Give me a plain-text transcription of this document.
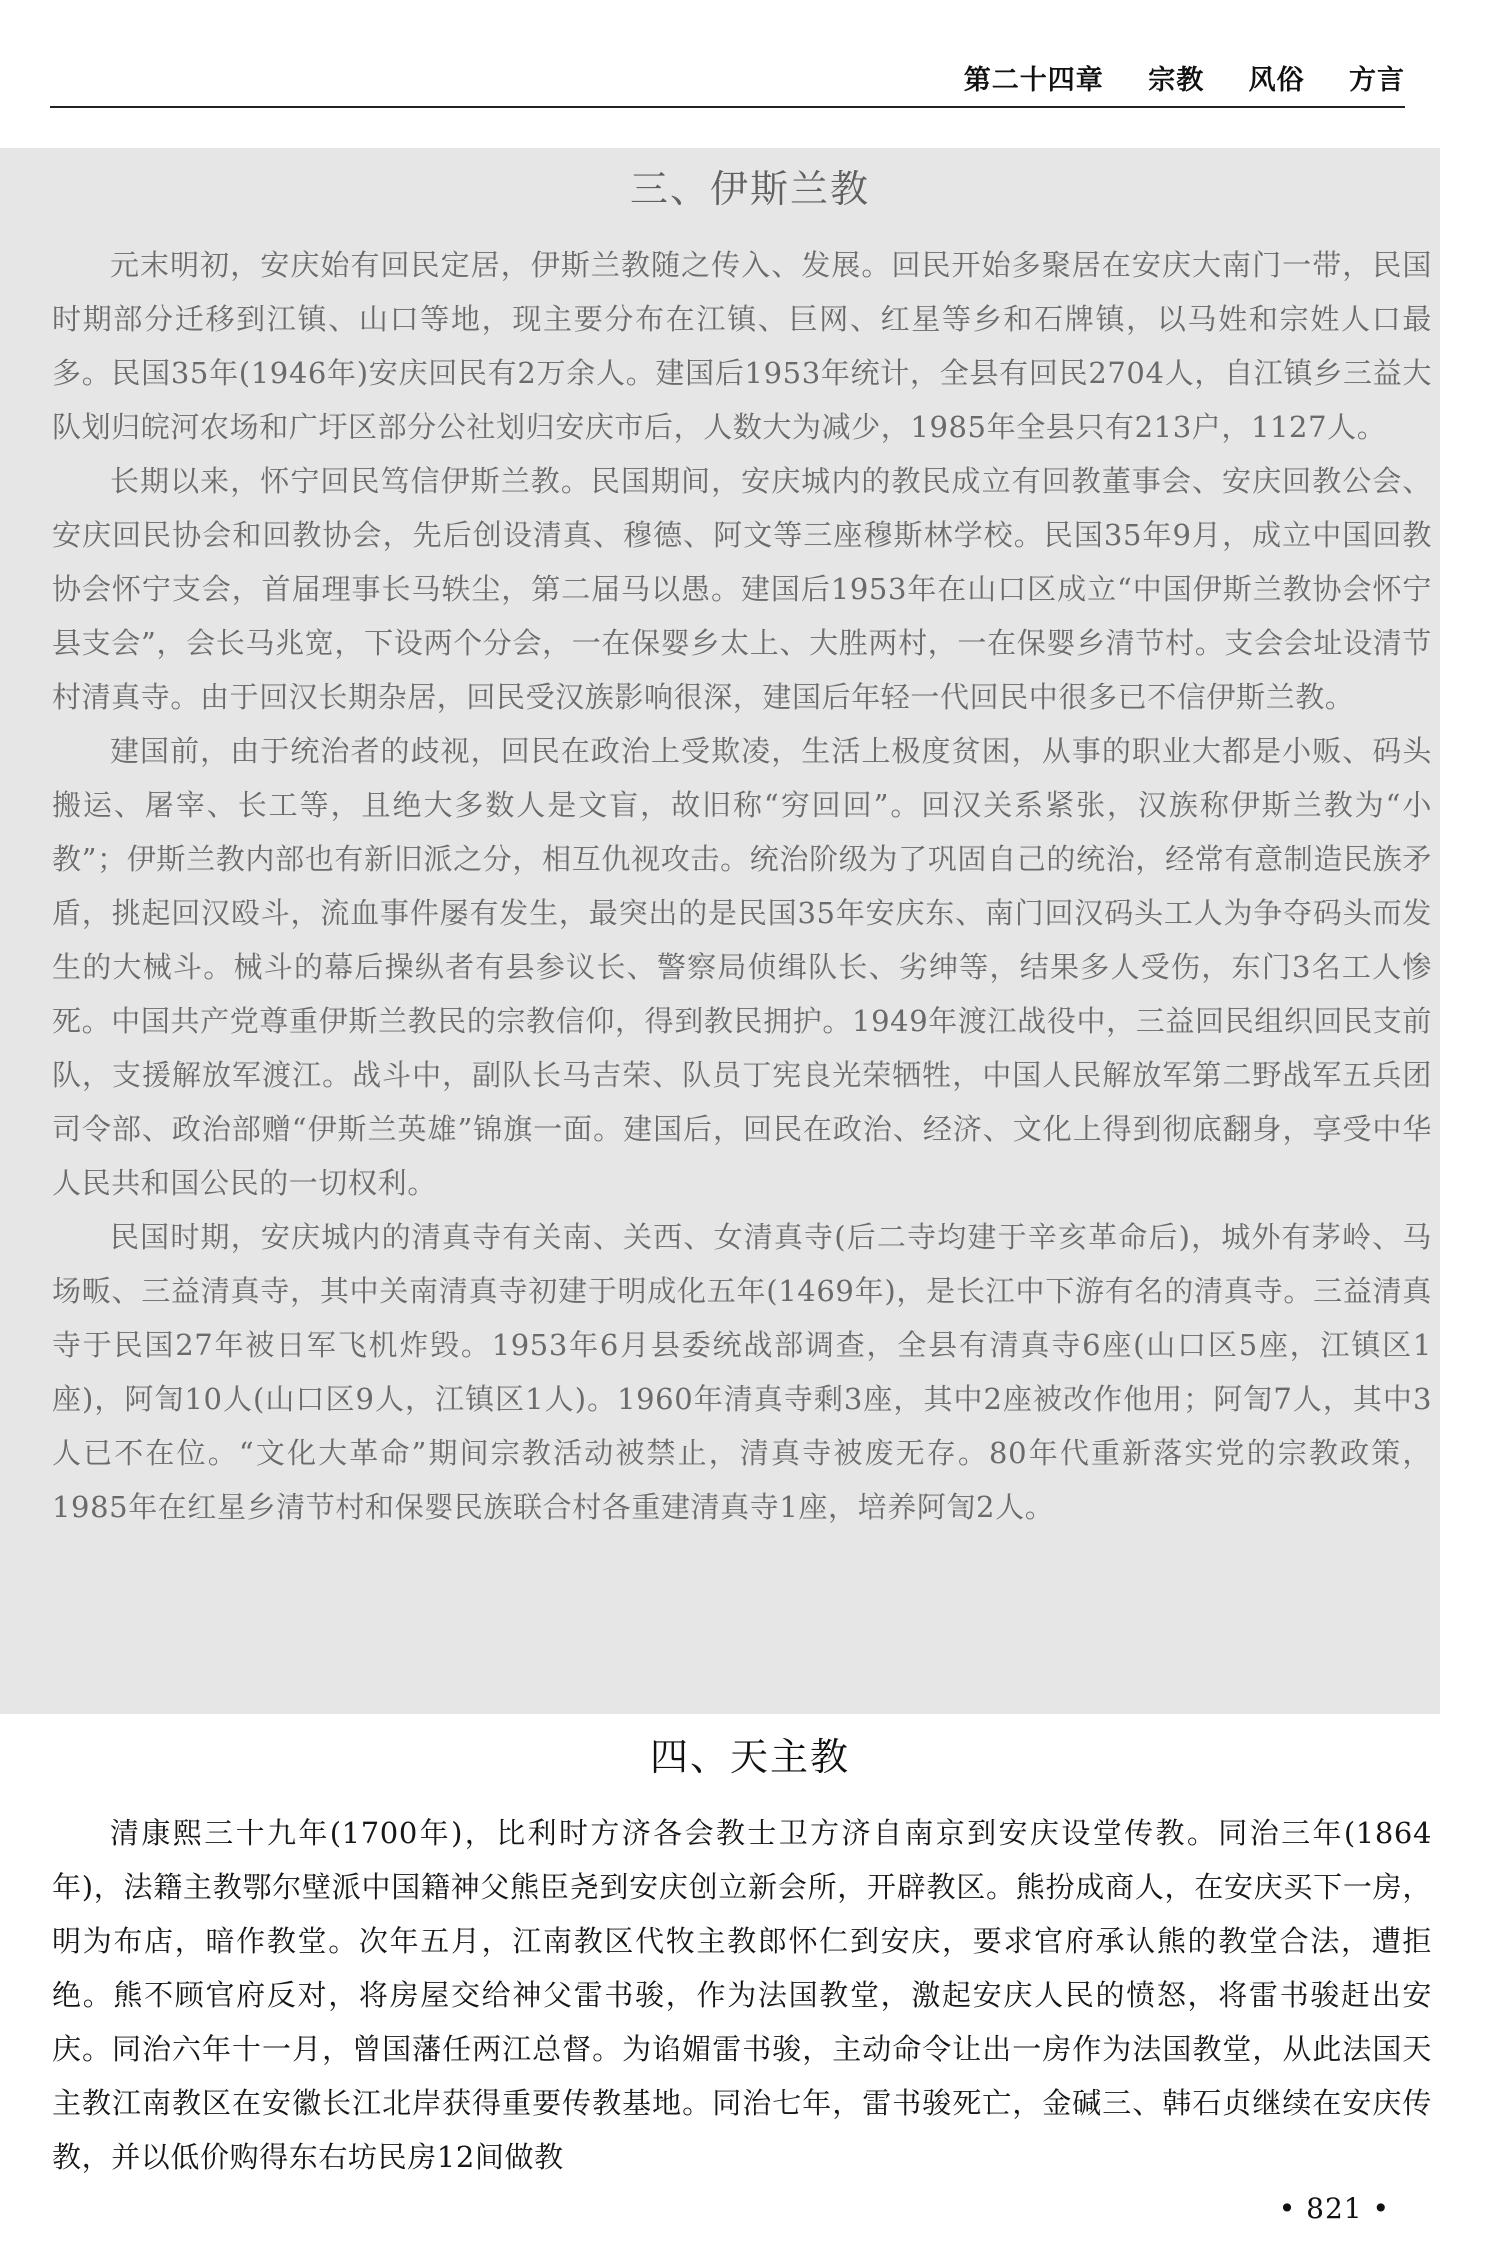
第二十四章 宗教 风俗 方言
三、伊斯兰教

元末明初，安庆始有回民定居，伊斯兰教随之传入、发展。回民开始多聚居在安庆大南门一带，民国时期部分迁移到江镇、山口等地，现主要分布在江镇、巨网、红星等乡和石牌镇，以马姓和宗姓人口最多。民国35年(1946年)安庆回民有2万余人。建国后1953年统计，全县有回民2704人，自江镇乡三益大队划归皖河农场和广圩区部分公社划归安庆市后，人数大为减少，1985年全县只有213户，1127人。

长期以来，怀宁回民笃信伊斯兰教。民国期间，安庆城内的教民成立有回教董事会、安庆回教公会、安庆回民协会和回教协会，先后创设清真、穆德、阿文等三座穆斯林学校。民国35年9月，成立中国回教协会怀宁支会，首届理事长马轶尘，第二届马以愚。建国后1953年在山口区成立“中国伊斯兰教协会怀宁县支会”，会长马兆宽，下设两个分会，一在保婴乡太上、大胜两村，一在保婴乡清节村。支会会址设清节村清真寺。由于回汉长期杂居，回民受汉族影响很深，建国后年轻一代回民中很多已不信伊斯兰教。

建国前，由于统治者的歧视，回民在政治上受欺凌，生活上极度贫困，从事的职业大都是小贩、码头搬运、屠宰、长工等，且绝大多数人是文盲，故旧称“穷回回”。回汉关系紧张，汉族称伊斯兰教为“小教”；伊斯兰教内部也有新旧派之分，相互仇视攻击。统治阶级为了巩固自己的统治，经常有意制造民族矛盾，挑起回汉殴斗，流血事件屡有发生，最突出的是民国35年安庆东、南门回汉码头工人为争夺码头而发生的大械斗。械斗的幕后操纵者有县参议长、警察局侦缉队长、劣绅等，结果多人受伤，东门3名工人惨死。中国共产党尊重伊斯兰教民的宗教信仰，得到教民拥护。1949年渡江战役中，三益回民组织回民支前队，支援解放军渡江。战斗中，副队长马吉荣、队员丁宪良光荣牺牲，中国人民解放军第二野战军五兵团司令部、政治部赠“伊斯兰英雄”锦旗一面。建国后，回民在政治、经济、文化上得到彻底翻身，享受中华人民共和国公民的一切权利。

民国时期，安庆城内的清真寺有关南、关西、女清真寺(后二寺均建于辛亥革命后)，城外有茅岭、马场畈、三益清真寺，其中关南清真寺初建于明成化五年(1469年)，是长江中下游有名的清真寺。三益清真寺于民国27年被日军飞机炸毁。1953年6月县委统战部调查，全县有清真寺6座(山口区5座，江镇区1座)，阿訇10人(山口区9人，江镇区1人)。1960年清真寺剩3座，其中2座被改作他用；阿訇7人，其中3人已不在位。“文化大革命”期间宗教活动被禁止，清真寺被废无存。80年代重新落实党的宗教政策，1985年在红星乡清节村和保婴民族联合村各重建清真寺1座，培养阿訇2人。

四、天主教

清康熙三十九年(1700年)，比利时方济各会教士卫方济自南京到安庆设堂传教。同治三年(1864年)，法籍主教鄂尔壁派中国籍神父熊臣尧到安庆创立新会所，开辟教区。熊扮成商人，在安庆买下一房，明为布店，暗作教堂。次年五月，江南教区代牧主教郎怀仁到安庆，要求官府承认熊的教堂合法，遭拒绝。熊不顾官府反对，将房屋交给神父雷书骏，作为法国教堂，激起安庆人民的愤怒，将雷书骏赶出安庆。同治六年十一月，曾国藩任两江总督。为谄媚雷书骏，主动命令让出一房作为法国教堂，从此法国天主教江南教区在安徽长江北岸获得重要传教基地。同治七年，雷书骏死亡，金碱三、韩石贞继续在安庆传教，并以低价购得东右坊民房12间做教

• 821 •
